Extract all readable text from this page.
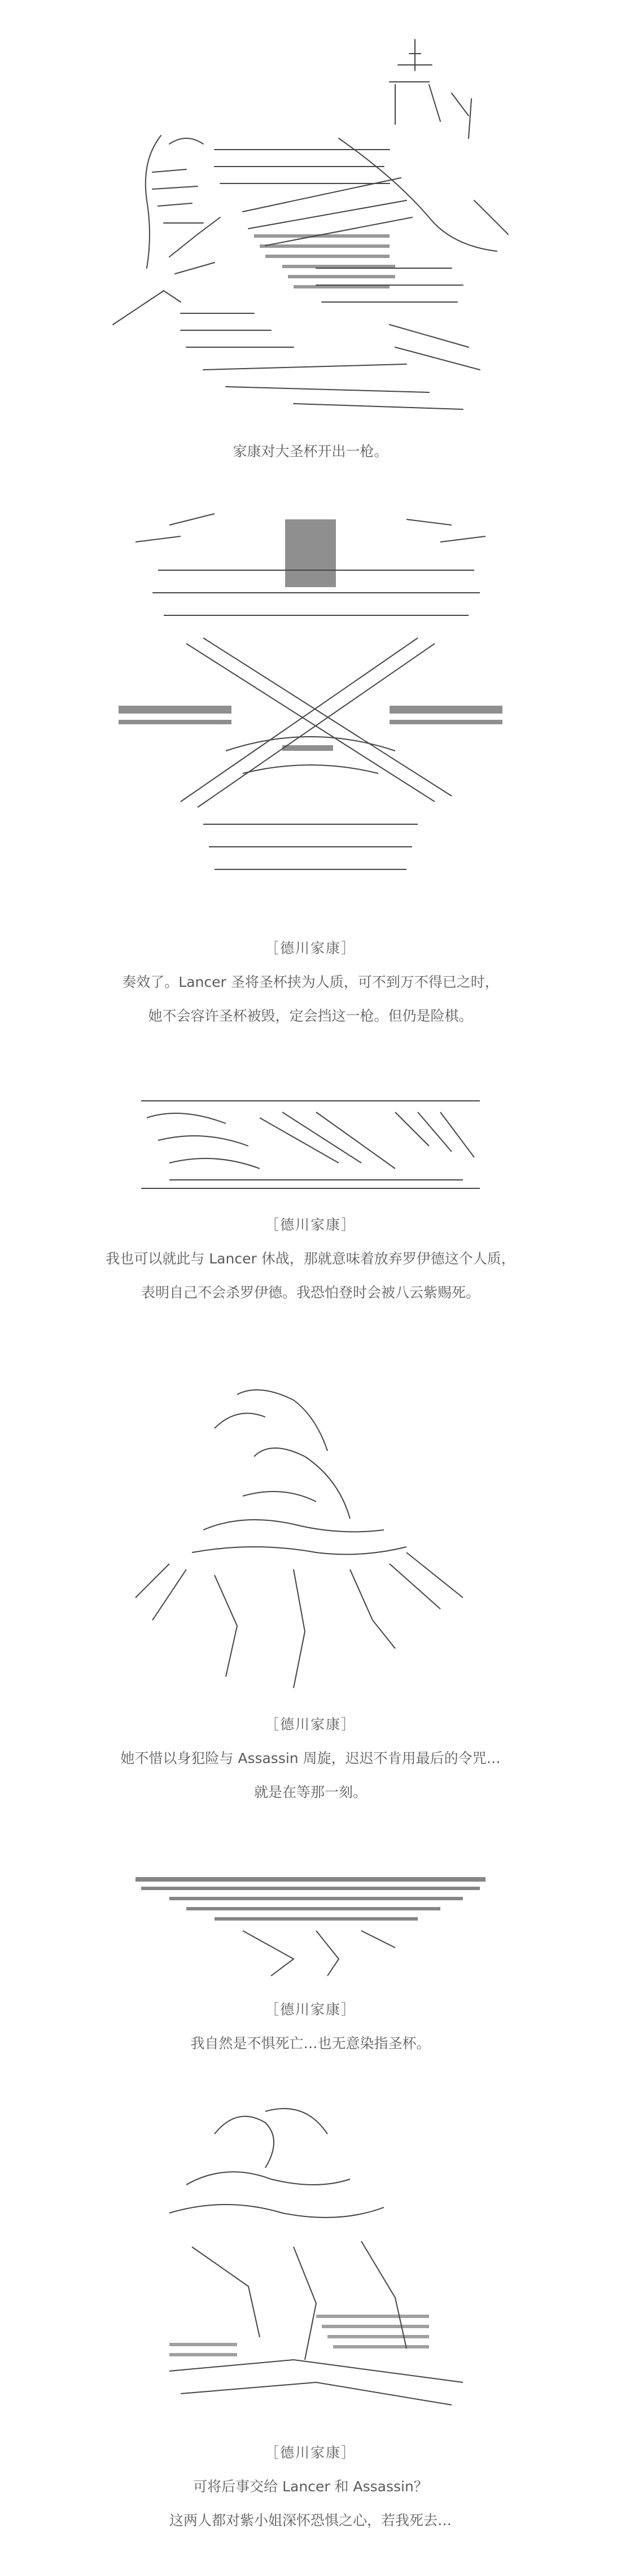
家康对大圣杯开出一枪。
［德川家康］
奏效了。Lancer 圣将圣杯挟为人质，可不到万不得已之时，
她不会容许圣杯被毁，定会挡这一枪。但仍是险棋。
［德川家康］
我也可以就此与 Lancer 休战，那就意味着放弃罗伊德这个人质，
表明自己不会杀罗伊德。我恐怕登时会被八云紫赐死。
［德川家康］
她不惜以身犯险与 Assassin 周旋，迟迟不肯用最后的令咒…
就是在等那一刻。
［德川家康］
我自然是不惧死亡…也无意染指圣杯。
［德川家康］
可将后事交给 Lancer 和 Assassin？
这两人都对紫小姐深怀恐惧之心，若我死去…
